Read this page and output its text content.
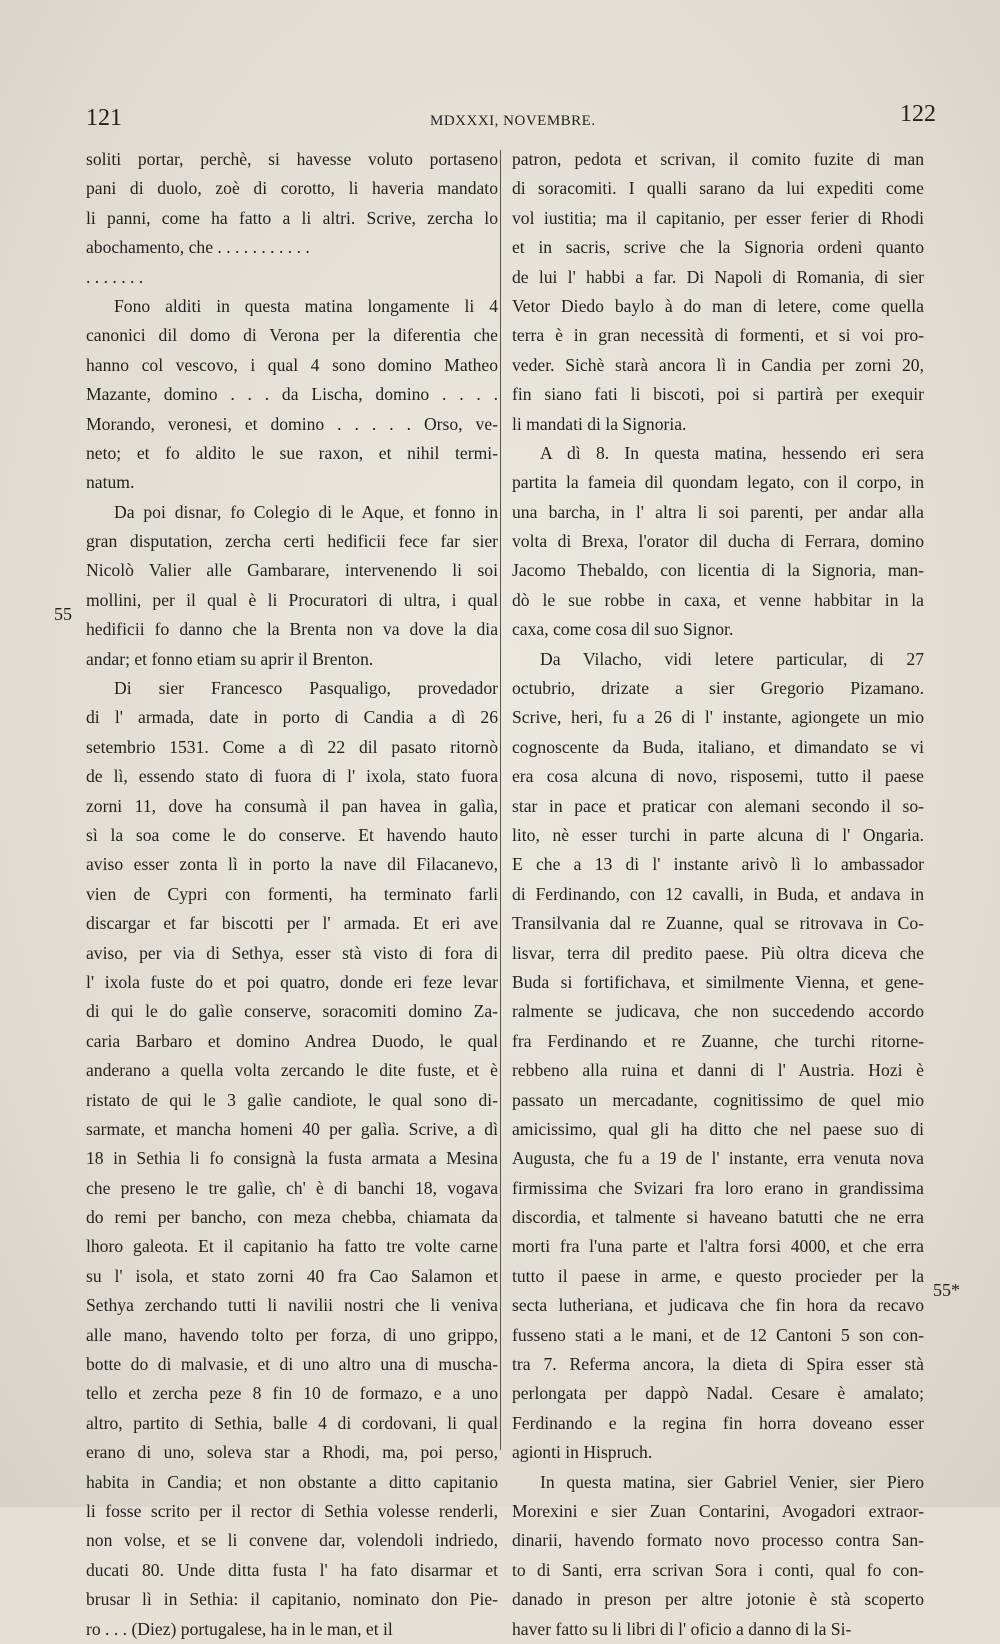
121	MDXXXI, NOVEMBRE.	122
55
55*
soliti portar, perchè, si havesse voluto portaseno
pani di duolo, zoè di corotto, li haveria mandato
li panni, come ha fatto a li altri. Scrive, zercha lo
abochamento, che . . . . . . . . . . .
. . . . . . .
Fono alditi in questa matina longamente li 4
canonici dil domo di Verona per la diferentia che
hanno col vescovo, i qual 4 sono domino Matheo
Mazante, domino . . . da Lischa, domino . . . .
Morando, veronesi, et domino . . . . . Orso, ve-
neto; et fo aldito le sue raxon, et nihil termi-
natum.
Da poi disnar, fo Colegio di le Aque, et fonno in
gran disputation, zercha certi hedificii fece far sier
Nicolò Valier alle Gambarare, intervenendo li soi
mollini, per il qual è li Procuratori di ultra, i qual
hedificii fo danno che la Brenta non va dove la dia
andar; et fonno etiam su aprir il Brenton.
Di sier Francesco Pasqualigo, provedador
di l' armada, date in porto di Candia a dì 26
setembrio 1531. Come a dì 22 dil pasato ritornò
de lì, essendo stato di fuora di l' ixola, stato fuora
zorni 11, dove ha consumà il pan havea in galìa,
sì la soa come le do conserve. Et havendo hauto
aviso esser zonta lì in porto la nave dil Filacanevo,
vien de Cypri con formenti, ha terminato farli
discargar et far biscotti per l' armada. Et eri ave
aviso, per via di Sethya, esser stà visto di fora di
l' ixola fuste do et poi quatro, donde eri feze levar
di qui le do galìe conserve, soracomiti domino Za-
caria Barbaro et domino Andrea Duodo, le qual
anderano a quella volta zercando le dite fuste, et è
ristato de qui le 3 galìe candiote, le qual sono di-
sarmate, et mancha homeni 40 per galìa. Scrive, a dì
18 in Sethia li fo consignà la fusta armata a Mesina
che preseno le tre galìe, ch' è di banchi 18, vogava
do remi per bancho, con meza chebba, chiamata da
lhoro galeota. Et il capitanio ha fatto tre volte carne
su l' isola, et stato zorni 40 fra Cao Salamon et
Sethya zerchando tutti li navilii nostri che li veniva
alle mano, havendo tolto per forza, di uno grippo,
botte do di malvasie, et di uno altro una di muscha-
tello et zercha peze 8 fin 10 de formazo, e a uno
altro, partito di Sethia, balle 4 di cordovani, li qual
erano di uno, soleva star a Rhodi, ma, poi perso,
habita in Candia; et non obstante a ditto capitanio
li fosse scrito per il rector di Sethia volesse renderli,
non volse, et se li convene dar, volendoli indriedo,
ducati 80. Unde ditta fusta l' ha fato disarmar et
brusar lì in Sethia: il capitanio, nominato don Pie-
ro . . . (Diez) portugalese, ha in le man, et il
patron, pedota et scrivan, il comito fuzite di man
di soracomiti. I qualli sarano da lui expediti come
vol iustitia; ma il capitanio, per esser ferier di Rhodi
et in sacris, scrive che la Signoria ordeni quanto
de lui l' habbi a far. Di Napoli di Romania, di sier
Vetor Diedo baylo à do man di letere, come quella
terra è in gran necessità di formenti, et si voi pro-
veder. Sichè starà ancora lì in Candia per zorni 20,
fin siano fati li biscoti, poi si partirà per exequir
li mandati di la Signoria.
A dì 8. In questa matina, hessendo eri sera
partita la fameia dil quondam legato, con il corpo, in
una barcha, in l' altra li soi parenti, per andar alla
volta di Brexa, l'orator dil ducha di Ferrara, domino
Jacomo Thebaldo, con licentia di la Signoria, man-
dò le sue robbe in caxa, et venne habbitar in la
caxa, come cosa dil suo Signor.
Da Vilacho, vidi letere particular, di 27
octubrio, drizate a sier Gregorio Pizamano.
Scrive, heri, fu a 26 di l' instante, agiongete un mio
cognoscente da Buda, italiano, et dimandato se vi
era cosa alcuna di novo, risposemi, tutto il paese
star in pace et praticar con alemani secondo il so-
lito, nè esser turchi in parte alcuna di l' Ongaria.
E che a 13 di l' instante arivò lì lo ambassador
di Ferdinando, con 12 cavalli, in Buda, et andava in
Transilvania dal re Zuanne, qual se ritrovava in Co-
lisvar, terra dil predito paese. Più oltra diceva che
Buda si fortifichava, et similmente Vienna, et gene-
ralmente se judicava, che non succedendo accordo
fra Ferdinando et re Zuanne, che turchi ritorne-
rebbeno alla ruina et danni di l' Austria. Hozi è
passato un mercadante, cognitissimo de quel mio
amicissimo, qual gli ha ditto che nel paese suo di
Augusta, che fu a 19 de l' instante, erra venuta nova
firmissima che Svizari fra loro erano in grandissima
discordia, et talmente si haveano batutti che ne erra
morti fra l'una parte et l'altra forsi 4000, et che erra
tutto il paese in arme, e questo procieder per la
secta lutheriana, et judicava che fin hora da recavo
fusseno stati a le mani, et de 12 Cantoni 5 son con-
tra 7. Referma ancora, la dieta di Spira esser stà
perlongata per dappò Nadal. Cesare è amalato;
Ferdinando e la regina fin horra doveano esser
agionti in Hispruch.
In questa matina, sier Gabriel Venier, sier Piero
Morexini e sier Zuan Contarini, Avogadori extraor-
dinarii, havendo formato novo processo contra San-
to di Santi, erra scrivan Sora i conti, qual fo con-
danado in preson per altre jotonie è stà scoperto
haver fatto su li libri di l' oficio a danno di la Si-
